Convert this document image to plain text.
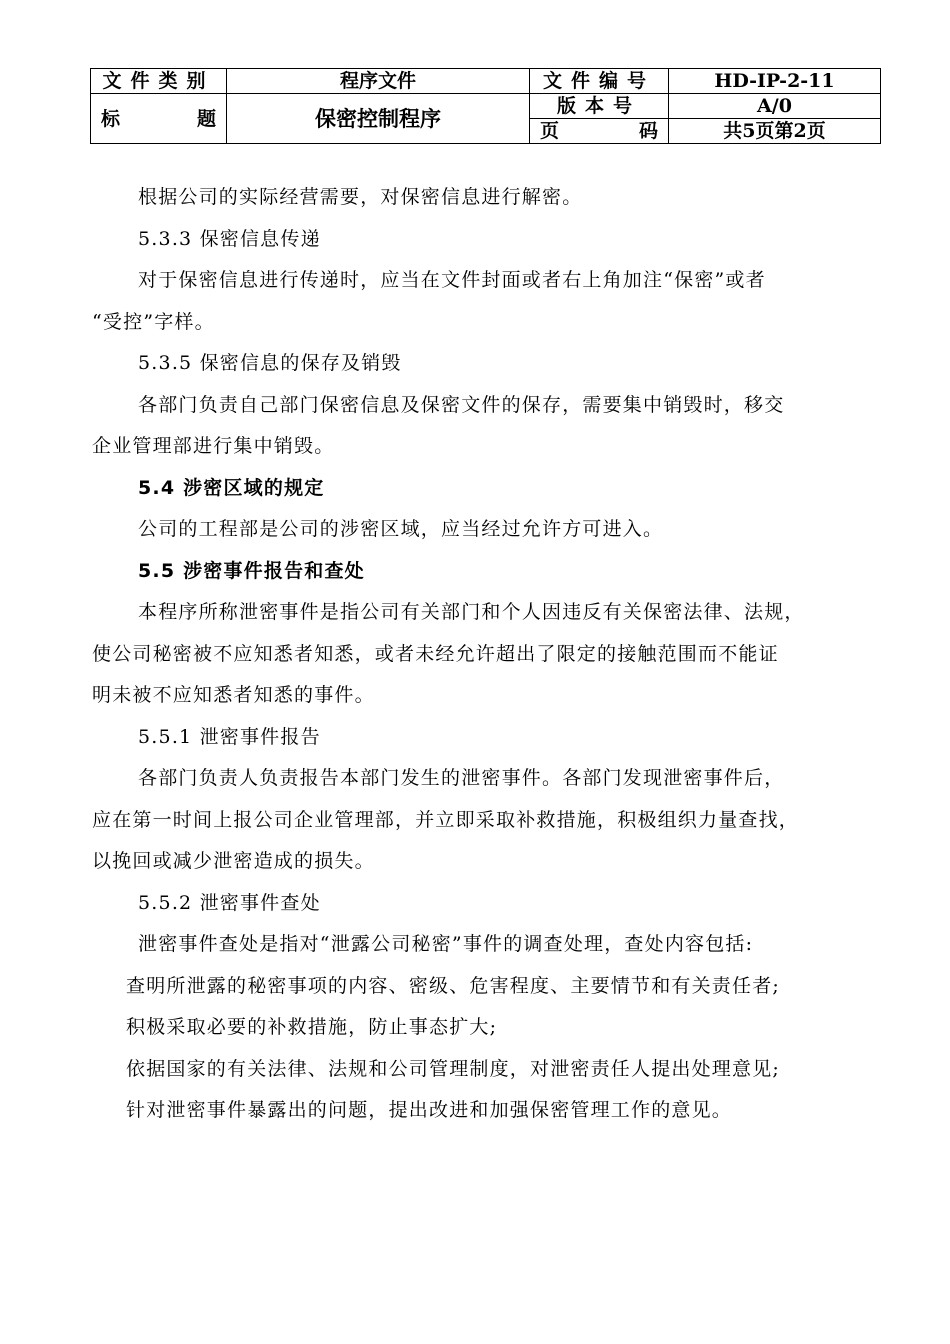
文件类别	程序文件	文件编号	HD-IP-2-11

标 题	保密控制程序	版本号	A/0

		页 码	共5页第2页
根据公司的实际经营需要，对保密信息进行解密。
5.3.3 保密信息传递
对于保密信息进行传递时，应当在文件封面或者右上角加注“保密”或者
“受控”字样。
5.3.5 保密信息的保存及销毁
各部门负责自己部门保密信息及保密文件的保存，需要集中销毁时，移交
企业管理部进行集中销毁。
5.4 涉密区域的规定
公司的工程部是公司的涉密区域，应当经过允许方可进入。
5.5 涉密事件报告和查处
本程序所称泄密事件是指公司有关部门和个人因违反有关保密法律、法规，
使公司秘密被不应知悉者知悉，或者未经允许超出了限定的接触范围而不能证
明未被不应知悉者知悉的事件。
5.5.1 泄密事件报告
各部门负责人负责报告本部门发生的泄密事件。各部门发现泄密事件后，
应在第一时间上报公司企业管理部，并立即采取补救措施，积极组织力量查找，
以挽回或减少泄密造成的损失。
5.5.2 泄密事件查处
泄密事件查处是指对“泄露公司秘密”事件的调查处理，查处内容包括:
查明所泄露的秘密事项的内容、密级、危害程度、主要情节和有关责任者;
积极采取必要的补救措施，防止事态扩大;
依据国家的有关法律、法规和公司管理制度，对泄密责任人提出处理意见;
针对泄密事件暴露出的问题，提出改进和加强保密管理工作的意见。
